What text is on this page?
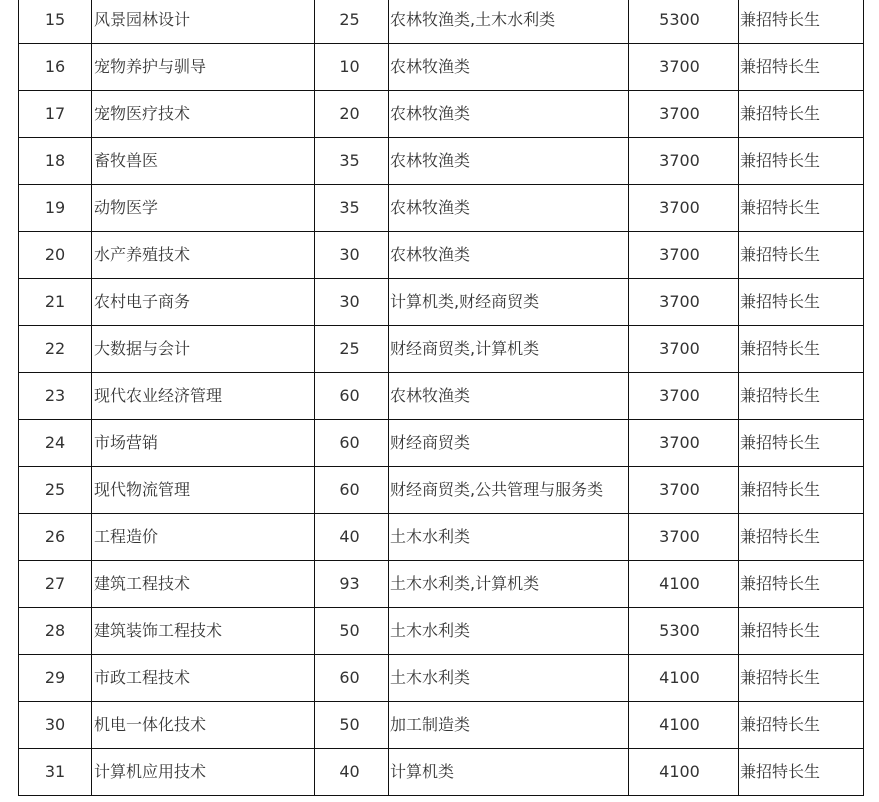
15	风景园林设计	25	农林牧渔类,土木水利类	5300	兼招特长生
16	宠物养护与驯导	10	农林牧渔类	3700	兼招特长生
17	宠物医疗技术	20	农林牧渔类	3700	兼招特长生
18	畜牧兽医	35	农林牧渔类	3700	兼招特长生
19	动物医学	35	农林牧渔类	3700	兼招特长生
20	水产养殖技术	30	农林牧渔类	3700	兼招特长生
21	农村电子商务	30	计算机类,财经商贸类	3700	兼招特长生
22	大数据与会计	25	财经商贸类,计算机类	3700	兼招特长生
23	现代农业经济管理	60	农林牧渔类	3700	兼招特长生
24	市场营销	60	财经商贸类	3700	兼招特长生
25	现代物流管理	60	财经商贸类,公共管理与服务类	3700	兼招特长生
26	工程造价	40	土木水利类	3700	兼招特长生
27	建筑工程技术	93	土木水利类,计算机类	4100	兼招特长生
28	建筑装饰工程技术	50	土木水利类	5300	兼招特长生
29	市政工程技术	60	土木水利类	4100	兼招特长生
30	机电一体化技术	50	加工制造类	4100	兼招特长生
31	计算机应用技术	40	计算机类	4100	兼招特长生
